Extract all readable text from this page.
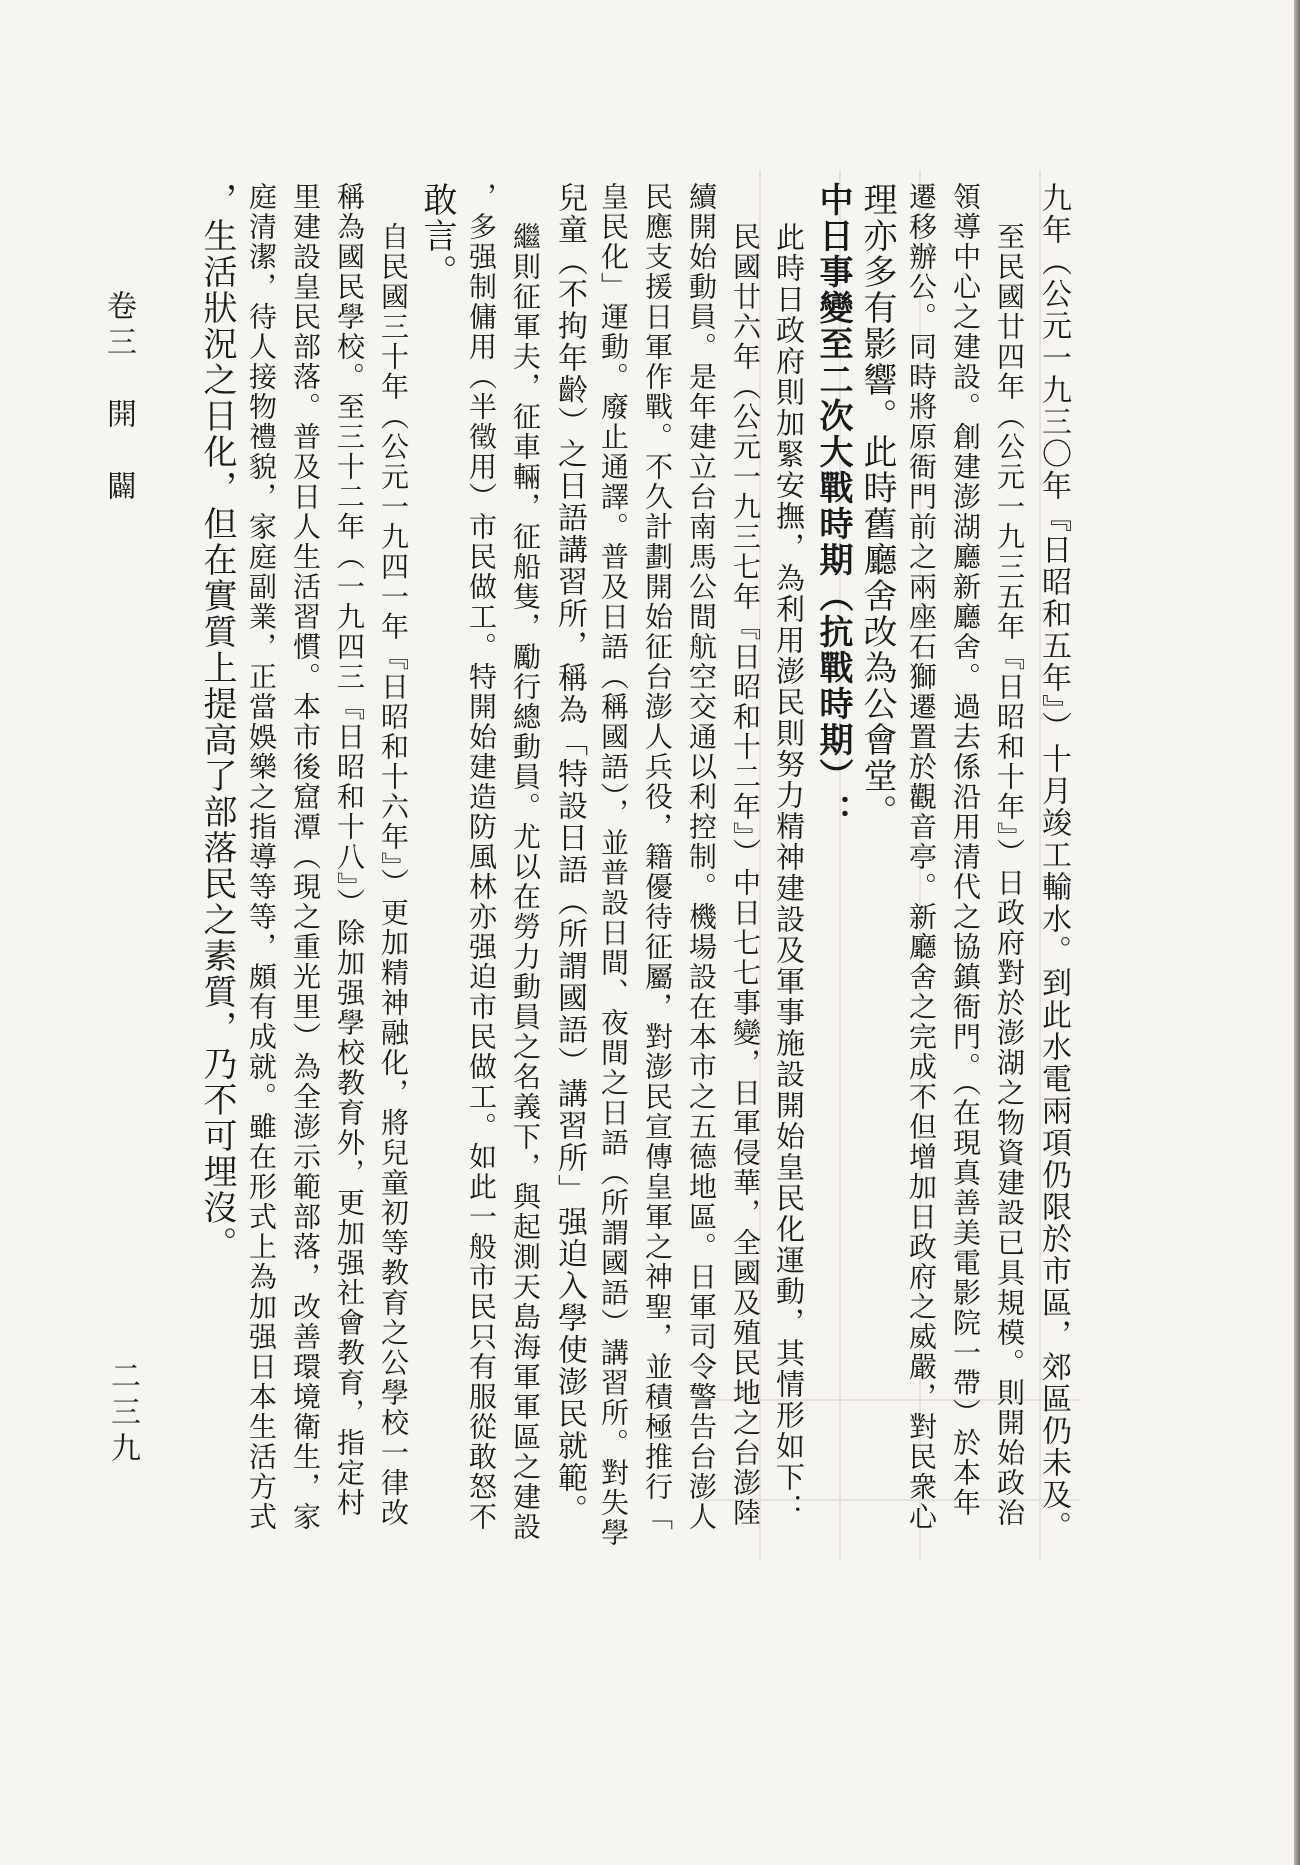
九年（公元一九三〇年『日昭和五年』）十月竣工輸水。到此水電兩項仍限於市區，郊區仍未及。
至民國廿四年（公元一九三五年『日昭和十年』）日政府對於澎湖之物資建設已具規模。則開始政治
領導中心之建設。創建澎湖廳新廳舍。過去係沿用清代之協鎮衙門。（在現真善美電影院一帶）於本年
遷移辦公。同時將原衙門前之兩座石獅遷置於觀音亭。新廳舍之完成不但增加日政府之威嚴，對民衆心
理亦多有影響。此時舊廳舍改為公會堂。
中日事變至二次大戰時期（抗戰時期）：
此時日政府則加緊安撫，為利用澎民則努力精神建設及軍事施設開始皇民化運動，其情形如下：
民國廿六年（公元一九三七年『日昭和十二年』）中日七七事變，日軍侵華，全國及殖民地之台澎陸
續開始動員。是年建立台南馬公間航空交通以利控制。機場設在本市之五德地區。日軍司令警告台澎人
民應支援日軍作戰。不久計劃開始征台澎人兵役，籍優待征屬，對澎民宣傳皇軍之神聖，並積極推行「
皇民化」運動。廢止通譯。普及日語（稱國語），並普設日間、夜間之日語（所謂國語）講習所。對失學
兒童（不拘年齡）之日語講習所，稱為「特設日語（所謂國語）講習所」强迫入學使澎民就範。
繼則征軍夫，征車輛，征船隻，勵行總動員。尤以在勞力動員之名義下，與起測天島海軍軍區之建設
，多强制傭用（半徵用）市民做工。特開始建造防風林亦强迫市民做工。如此一般市民只有服從敢怒不
敢言。
自民國三十年（公元一九四一年『日昭和十六年』）更加精神融化，將兒童初等教育之公學校一律改
稱為國民學校。至三十二年（一九四三『日昭和十八』）除加强學校教育外，更加强社會教育，指定村
里建設皇民部落。普及日人生活習慣。本市後窟潭（現之重光里）為全澎示範部落，改善環境衛生，家
庭清潔，待人接物禮貌，家庭副業，正當娛樂之指導等等，頗有成就。雖在形式上為加强日本生活方式
，生活狀況之日化，但在實質上提高了部落民之素質，乃不可埋沒。
卷三　開　闢
二三九
